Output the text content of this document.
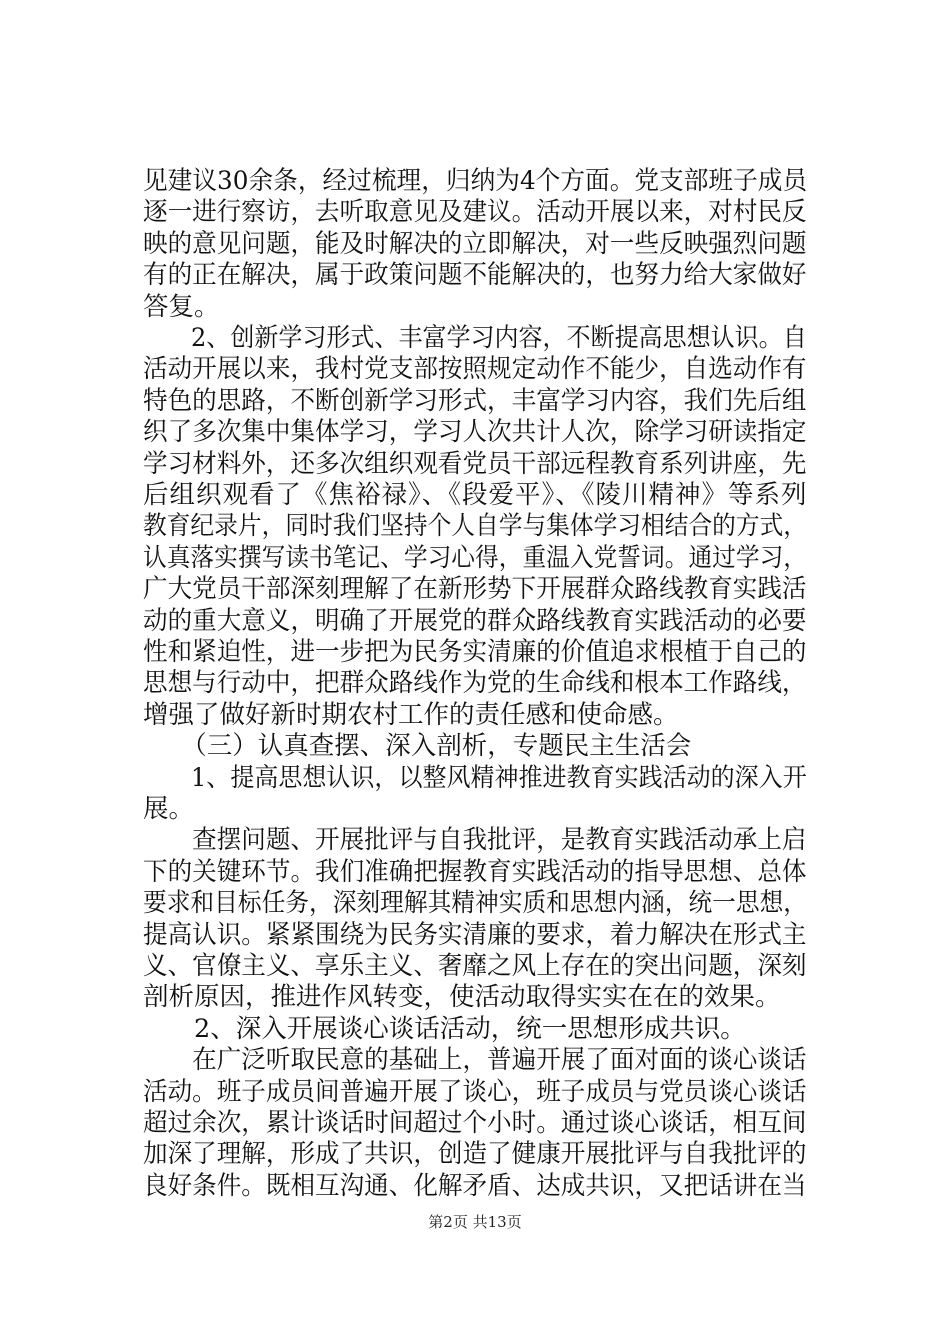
见建议30余条，经过梳理，归纳为4个方面。党支部班子成员
逐一进行察访，去听取意见及建议。活动开展以来，对村民反
映的意见问题，能及时解决的立即解决，对一些反映强烈问题
有的正在解决，属于政策问题不能解决的，也努力给大家做好
答复。
　　2、创新学习形式、丰富学习内容，不断提高思想认识。自
活动开展以来，我村党支部按照规定动作不能少，自选动作有
特色的思路，不断创新学习形式，丰富学习内容，我们先后组
织了多次集中集体学习，学习人次共计人次，除学习研读指定
学习材料外，还多次组织观看党员干部远程教育系列讲座，先
后组织观看了《焦裕禄》、《段爱平》、《陵川精神》等系列
教育纪录片，同时我们坚持个人自学与集体学习相结合的方式，
认真落实撰写读书笔记、学习心得，重温入党誓词。通过学习，
广大党员干部深刻理解了在新形势下开展群众路线教育实践活
动的重大意义，明确了开展党的群众路线教育实践活动的必要
性和紧迫性，进一步把为民务实清廉的价值追求根植于自己的
思想与行动中，把群众路线作为党的生命线和根本工作路线，
增强了做好新时期农村工作的责任感和使命感。
　　（三）认真查摆、深入剖析，专题民主生活会
　　1、提高思想认识，以整风精神推进教育实践活动的深入开
展。
　　查摆问题、开展批评与自我批评，是教育实践活动承上启
下的关键环节。我们准确把握教育实践活动的指导思想、总体
要求和目标任务，深刻理解其精神实质和思想内涵，统一思想，
提高认识。紧紧围绕为民务实清廉的要求，着力解决在形式主
义、官僚主义、享乐主义、奢靡之风上存在的突出问题，深刻
剖析原因，推进作风转变，使活动取得实实在在的效果。
　　2、深入开展谈心谈话活动，统一思想形成共识。
　　在广泛听取民意的基础上，普遍开展了面对面的谈心谈话
活动。班子成员间普遍开展了谈心，班子成员与党员谈心谈话
超过余次，累计谈话时间超过个小时。通过谈心谈话，相互间
加深了理解，形成了共识，创造了健康开展批评与自我批评的
良好条件。既相互沟通、化解矛盾、达成共识，又把话讲在当
第2页 共13页
